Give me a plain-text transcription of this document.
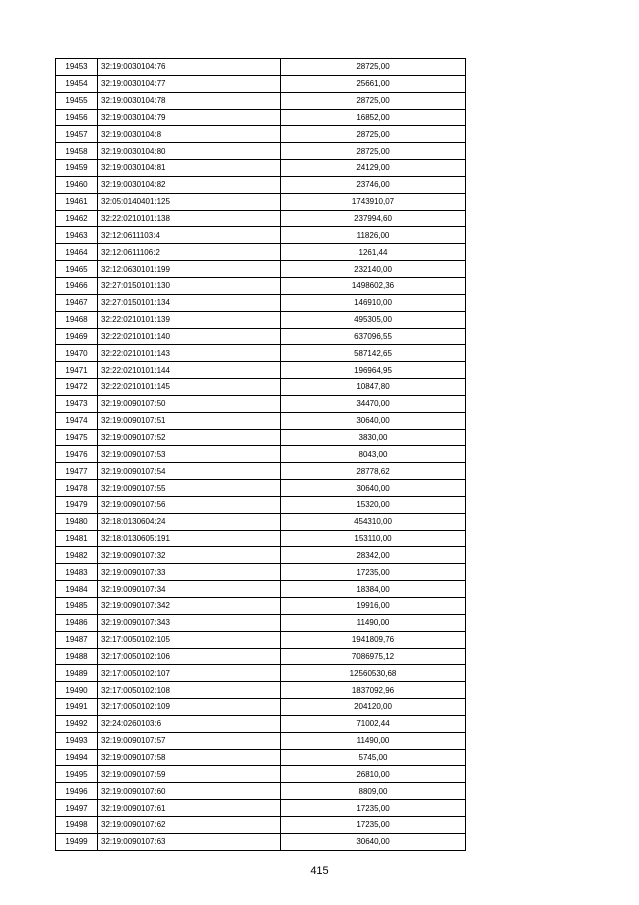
19453	32:19:0030104:76	28725,00
19454	32:19:0030104:77	25661,00
19455	32:19:0030104:78	28725,00
19456	32:19:0030104:79	16852,00
19457	32:19:0030104:8	28725,00
19458	32:19:0030104:80	28725,00
19459	32:19:0030104:81	24129,00
19460	32:19:0030104:82	23746,00
19461	32:05:0140401:125	1743910,07
19462	32:22:0210101:138	237994,60
19463	32:12:0611103:4	11826,00
19464	32:12:0611106:2	1261,44
19465	32:12:0630101:199	232140,00
19466	32:27:0150101:130	1498602,36
19467	32:27:0150101:134	146910,00
19468	32:22:0210101:139	495305,00
19469	32:22:0210101:140	637096,55
19470	32:22:0210101:143	587142,65
19471	32:22:0210101:144	196964,95
19472	32:22:0210101:145	10847,80
19473	32:19:0090107:50	34470,00
19474	32:19:0090107:51	30640,00
19475	32:19:0090107:52	3830,00
19476	32:19:0090107:53	8043,00
19477	32:19:0090107:54	28778,62
19478	32:19:0090107:55	30640,00
19479	32:19:0090107:56	15320,00
19480	32:18:0130604:24	454310,00
19481	32:18:0130605:191	153110,00
19482	32:19:0090107:32	28342,00
19483	32:19:0090107:33	17235,00
19484	32:19:0090107:34	18384,00
19485	32:19:0090107:342	19916,00
19486	32:19:0090107:343	11490,00
19487	32:17:0050102:105	1941809,76
19488	32:17:0050102:106	7086975,12
19489	32:17:0050102:107	12560530,68
19490	32:17:0050102:108	1837092,96
19491	32:17:0050102:109	204120,00
19492	32:24:0260103:6	71002,44
19493	32:19:0090107:57	11490,00
19494	32:19:0090107:58	5745,00
19495	32:19:0090107:59	26810,00
19496	32:19:0090107:60	8809,00
19497	32:19:0090107:61	17235,00
19498	32:19:0090107:62	17235,00
19499	32:19:0090107:63	30640,00
415
